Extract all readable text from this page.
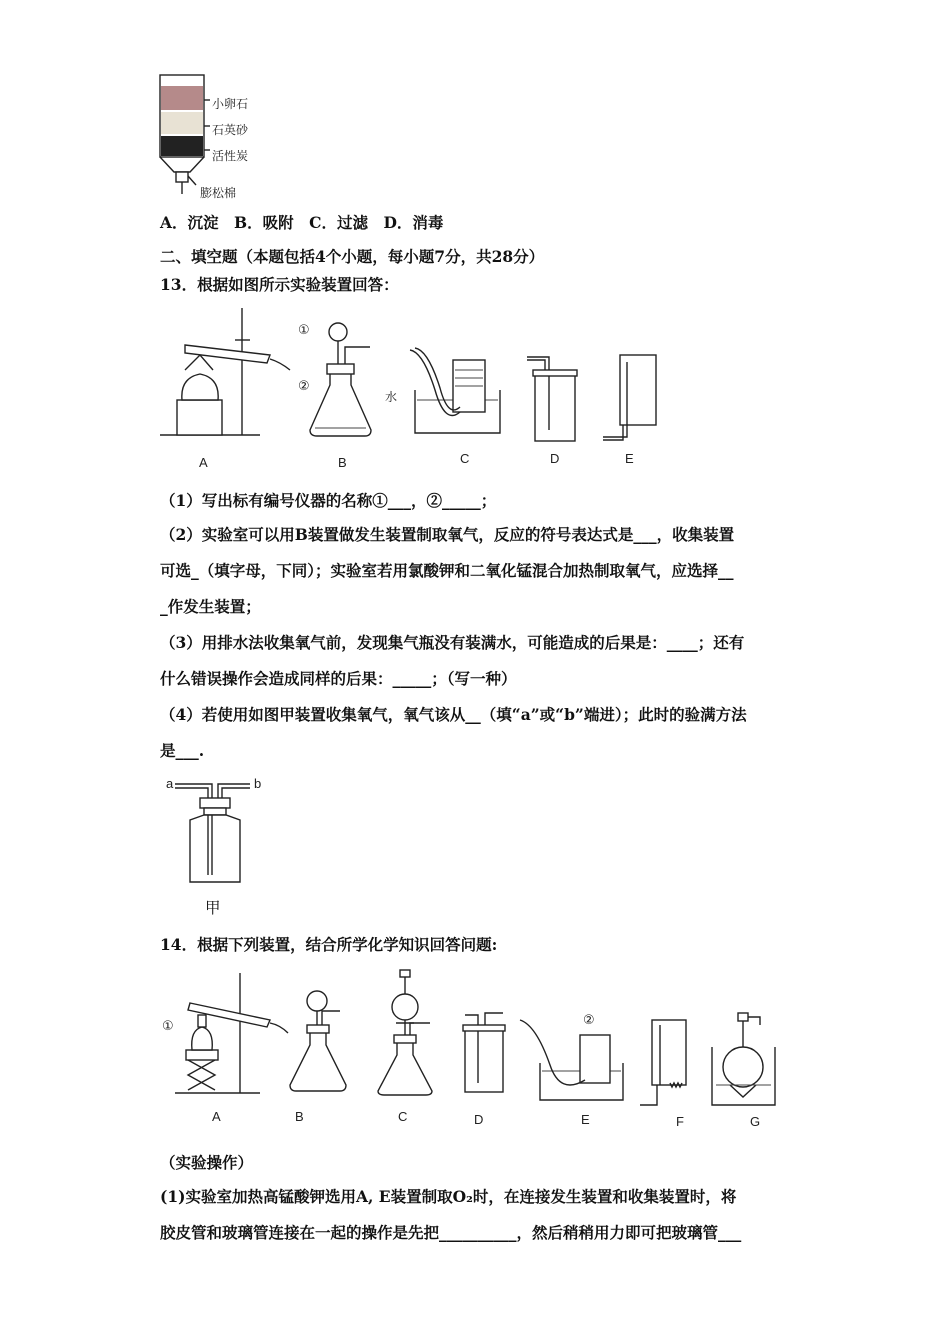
小卵石
石英砂
活性炭
膨松棉
A．沉淀　B．吸附　C．过滤　D．消毒
二、填空题（本题包括4个小题，每小题7分，共28分）
13．根据如图所示实验装置回答：
①
②
水
A	B	C	D	E
（1）写出标有编号仪器的名称①___，②_____；
（2）实验室可以用B装置做发生装置制取氧气，反应的符号表达式是___，收集装置
可选_（填字母，下同）；实验室若用氯酸钾和二氧化锰混合加热制取氧气，应选择__
_作发生装置；
（3）用排水法收集氧气前，发现集气瓶没有装满水，可能造成的后果是：____；还有
什么错误操作会造成同样的后果：_____；（写一种）
（4）若使用如图甲装置收集氧气，氧气该从__（填“a”或“b”端进）；此时的验满方法
是___.
a	b
甲
14．根据下列装置，结合所学化学知识回答问题:
①	②
A	B	C	D	E	F	G
（实验操作）
(1)实验室加热高锰酸钾选用A, E装置制取O₂时，在连接发生装置和收集装置时，将
胶皮管和玻璃管连接在一起的操作是先把__________，然后稍稍用力即可把玻璃管___
